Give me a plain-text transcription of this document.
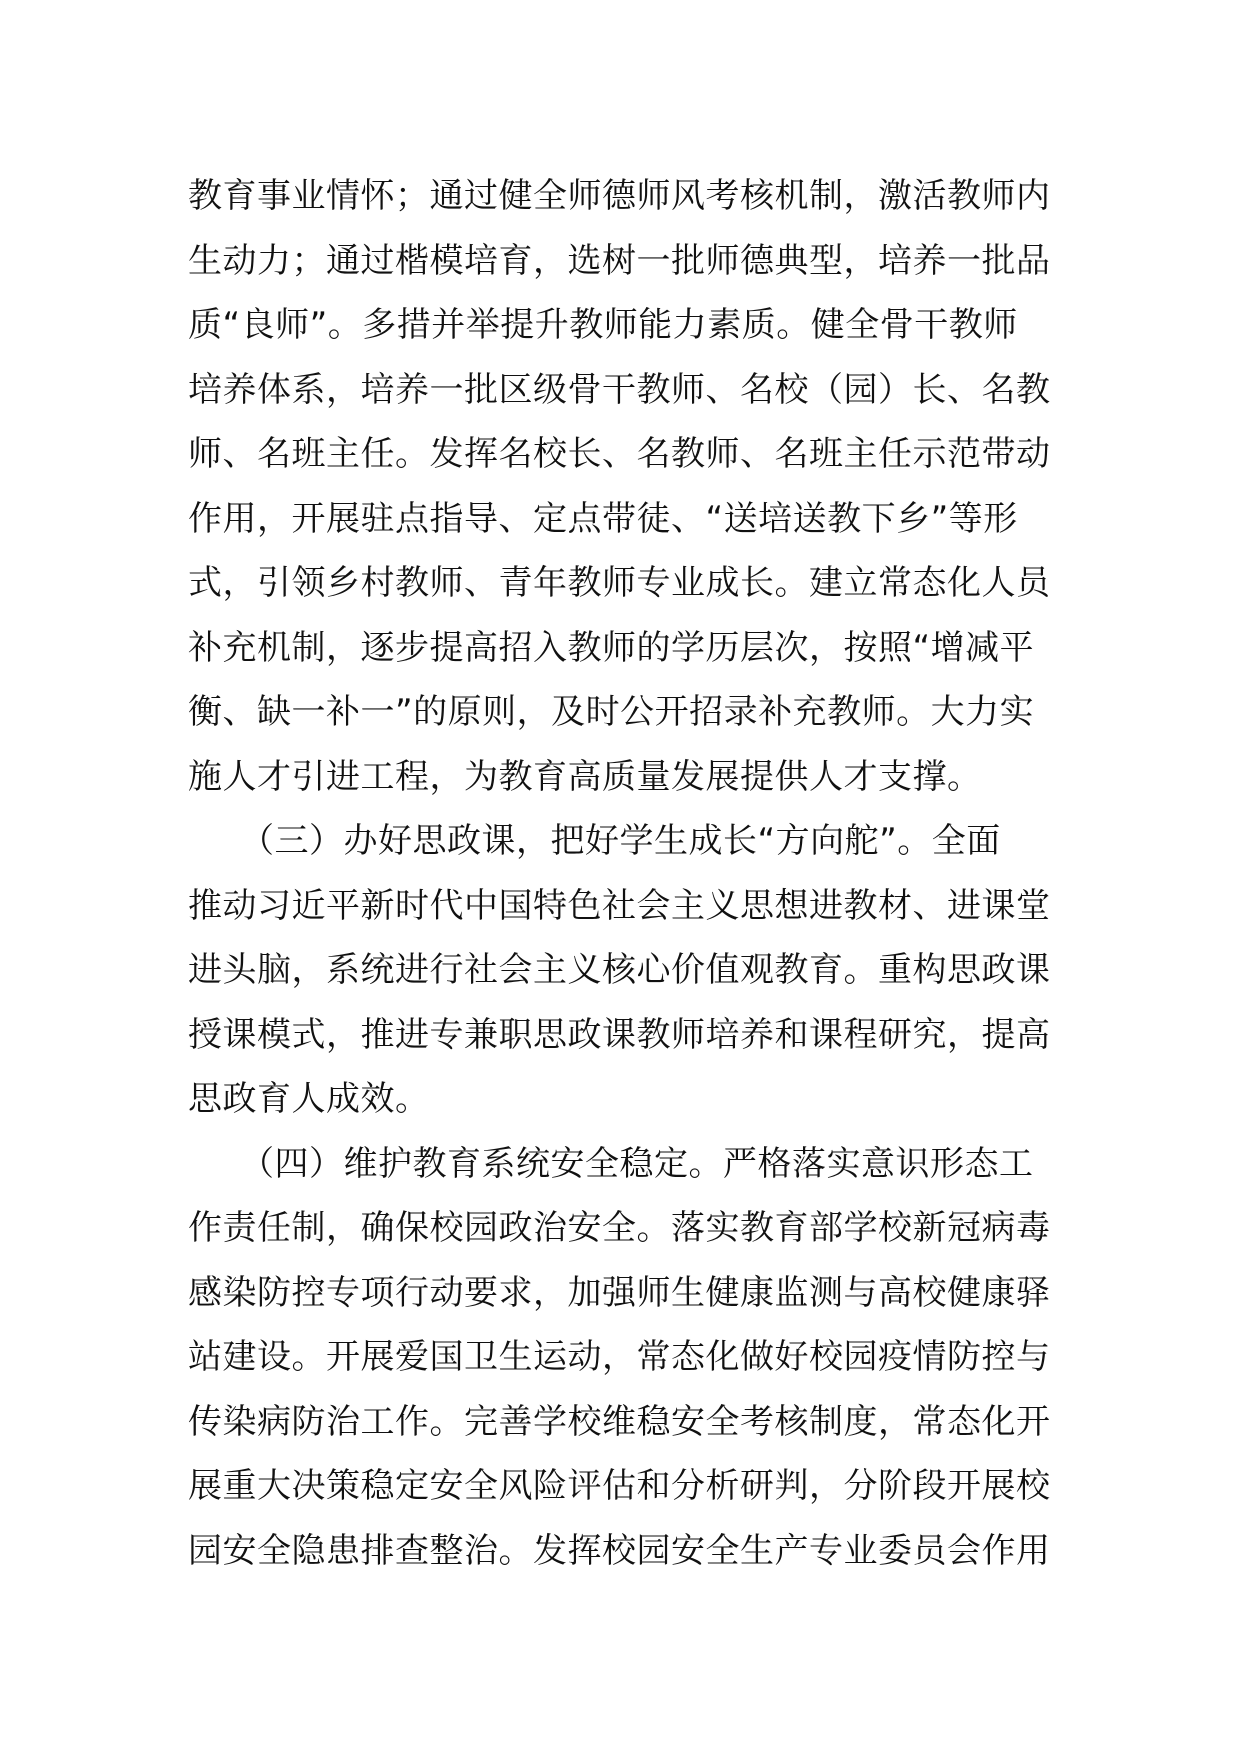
教育事业情怀；通过健全师德师风考核机制，激活教师内
生动力；通过楷模培育，选树一批师德典型，培养一批品
质“良师”。多措并举提升教师能力素质。健全骨干教师
培养体系，培养一批区级骨干教师、名校（园）长、名教
师、名班主任。发挥名校长、名教师、名班主任示范带动
作用，开展驻点指导、定点带徒、“送培送教下乡”等形
式，引领乡村教师、青年教师专业成长。建立常态化人员
补充机制，逐步提高招入教师的学历层次，按照“增减平
衡、缺一补一”的原则，及时公开招录补充教师。大力实
施人才引进工程，为教育高质量发展提供人才支撑。
　　（三）办好思政课，把好学生成长“方向舵”。全面
推动习近平新时代中国特色社会主义思想进教材、进课堂
进头脑，系统进行社会主义核心价值观教育。重构思政课
授课模式，推进专兼职思政课教师培养和课程研究，提高
思政育人成效。
　　（四）维护教育系统安全稳定。严格落实意识形态工
作责任制，确保校园政治安全。落实教育部学校新冠病毒
感染防控专项行动要求，加强师生健康监测与高校健康驿
站建设。开展爱国卫生运动，常态化做好校园疫情防控与
传染病防治工作。完善学校维稳安全考核制度，常态化开
展重大决策稳定安全风险评估和分析研判，分阶段开展校
园安全隐患排查整治。发挥校园安全生产专业委员会作用
